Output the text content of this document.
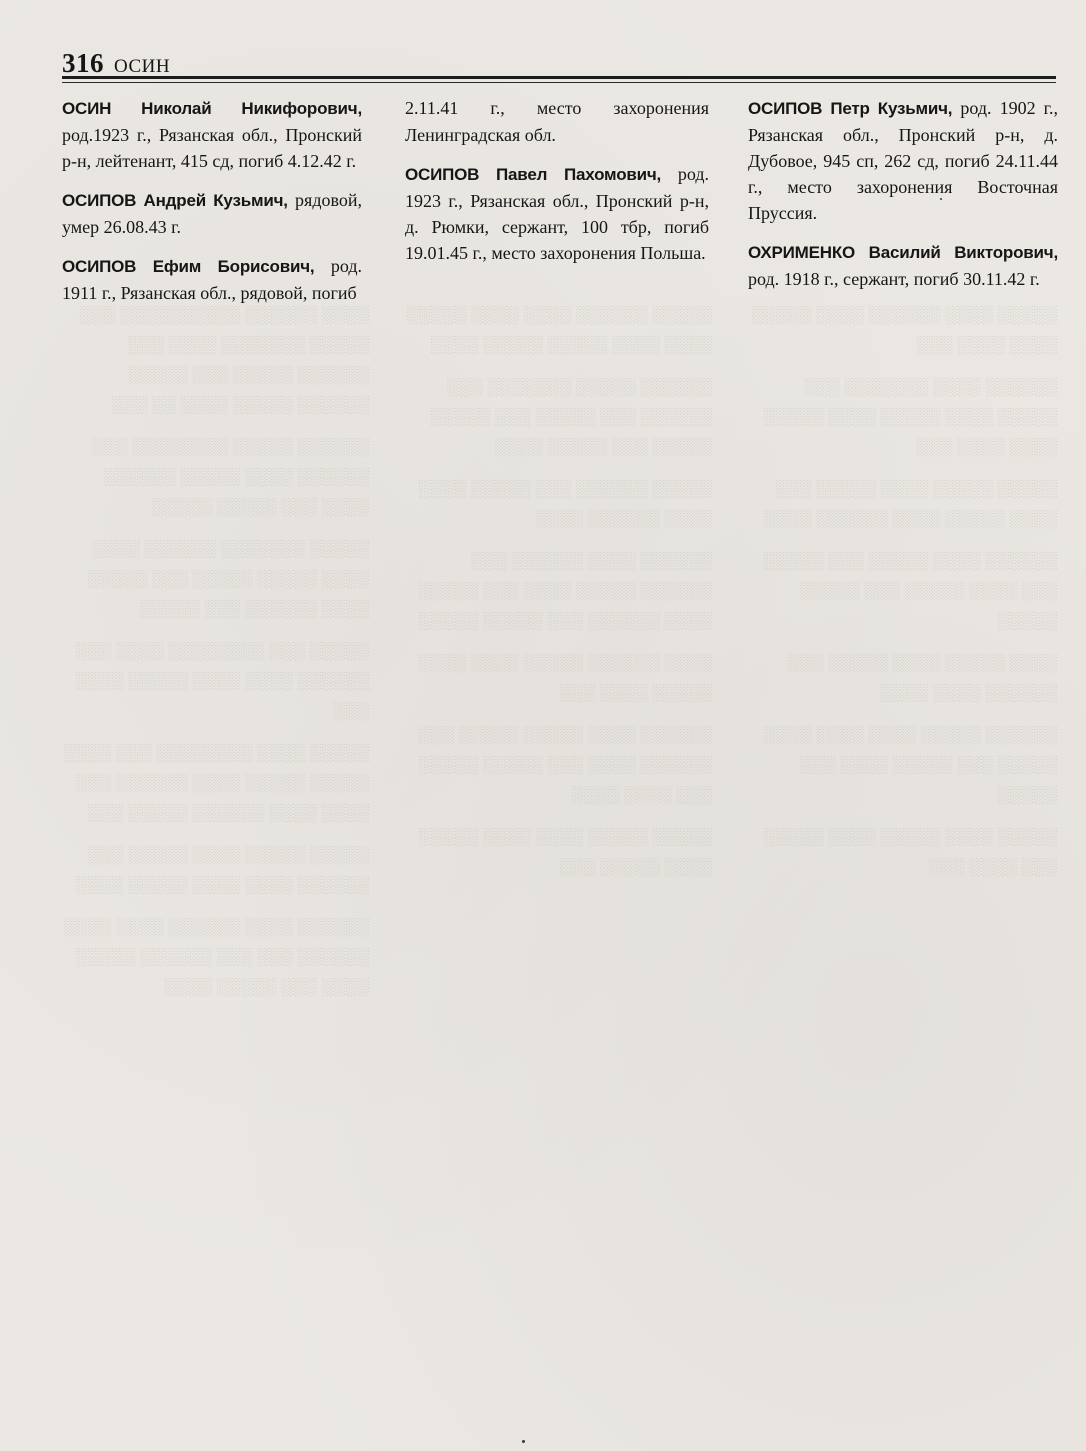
░░░░ ░░░░░░ ░░░░░░░░░░ ░░░ ░░░░░ ░░░░░░░ ░░░░ ░░░ ░░░░░░ ░░░░░ ░░░ ░░░░░ ░░░░░░ ░░░░░ ░░░░ ░░ ░░░

░░░░░░ ░░░░░ ░░░░░░░░ ░░░ ░░░░░░ ░░░░ ░░░░░ ░░░░░░ ░░░░ ░░░ ░░░░░ ░░░░░

░░░░░ ░░░░░░░ ░░░░░░ ░░░░ ░░░░ ░░░░░ ░░░░░ ░░░ ░░░░░ ░░░░ ░░░░░░ ░░░ ░░░░░

░░░░░ ░░░ ░░░░░░░░ ░░░░ ░░░ ░░░░░░ ░░░░ ░░░░ ░░░░░ ░░░░ ░░░

░░░░░ ░░░░ ░░░░░░░░ ░░░ ░░░░ ░░░░░ ░░░░░ ░░░░ ░░░░░░ ░░░ ░░░░ ░░░░ ░░░░░░ ░░░░░ ░░░

░░░░░ ░░░░░ ░░░░ ░░░░░ ░░░ ░░░░░░ ░░░░ ░░░░ ░░░░░ ░░░░

░░░░░░ ░░░░ ░░░░░░ ░░░░ ░░░░ ░░░░░░ ░░░ ░░░ ░░░░░░ ░░░░░ ░░░░ ░░░ ░░░░░ ░░░░

░░░░░ ░░░░░░ ░░░░ ░░░░ ░░░░░ ░░░░ ░░░░ ░░░░░ ░░░░░ ░░░░

░░░░░░ ░░░░░ ░░░░░░░ ░░░ ░░░░░░ ░░░ ░░░░░ ░░░ ░░░░░ ░░░░░ ░░░ ░░░░░ ░░░░

░░░░░ ░░░░░░ ░░░ ░░░░░ ░░░░ ░░░░ ░░░░░░ ░░░░

░░░░░░ ░░░░ ░░░░░░ ░░░ ░░░░░░ ░░░░░ ░░░░ ░░░ ░░░░░ ░░░░ ░░░░░░ ░░░ ░░░░░ ░░░░░

░░░░ ░░░░░░ ░░░░░ ░░░░ ░░░░ ░░░░░ ░░░░ ░░░

░░░░░░ ░░░░ ░░░░░ ░░░░░ ░░░ ░░░░░░ ░░░░ ░░░ ░░░░░ ░░░░░ ░░░ ░░░░ ░░░░

░░░░░ ░░░░░ ░░░░ ░░░░ ░░░░░ ░░░░ ░░░░░ ░░░

░░░░░ ░░░░ ░░░░░░ ░░░░ ░░░░░ ░░░░ ░░░░ ░░░

░░░░░░ ░░░░ ░░░░░░░ ░░░ ░░░░░ ░░░░ ░░░░░ ░░░░ ░░░░░ ░░░░ ░░░░ ░░░

░░░░░ ░░░░░ ░░░░ ░░░░░ ░░░ ░░░░ ░░░░░ ░░░░ ░░░░░░ ░░░░

░░░░░░ ░░░░ ░░░░░ ░░░ ░░░░░ ░░░ ░░░░ ░░░░░ ░░░ ░░░░░ ░░░░░

░░░░ ░░░░░ ░░░░ ░░░░░ ░░░ ░░░░░░ ░░░░ ░░░░

░░░░░░ ░░░░░ ░░░░ ░░░░ ░░░░ ░░░░░ ░░░ ░░░░░ ░░░░ ░░░ ░░░░░

░░░░░ ░░░░ ░░░░░ ░░░░ ░░░░░ ░░░ ░░░░ ░░░

316 ОСИН

ОСИН Николай Никифорович, род.1923 г., Рязанская обл., Пронский р-н, лейтенант, 415 сд, погиб 4.12.42 г.

ОСИПОВ Андрей Кузьмич, рядовой, умер 26.08.43 г.

ОСИПОВ Ефим Борисович, род. 1911 г., Рязанская обл., рядовой, погиб

2.11.41 г., место захоронения Ленинградская обл.

ОСИПОВ Павел Пахомович, род. 1923 г., Рязанская обл., Пронский р-н, д. Рюмки, сержант, 100 тбр, погиб 19.01.45 г., место захоронения Польша.

ОСИПОВ Петр Кузьмич, род. 1902 г., Рязанская обл., Пронский р-н, д. Дубовое, 945 сп, 262 сд, погиб 24.11.44 г., место захоронения Восточная Пруссия.

ОХРИМЕНКО Василий Викторович, род. 1918 г., сержант, погиб 30.11.42 г.
